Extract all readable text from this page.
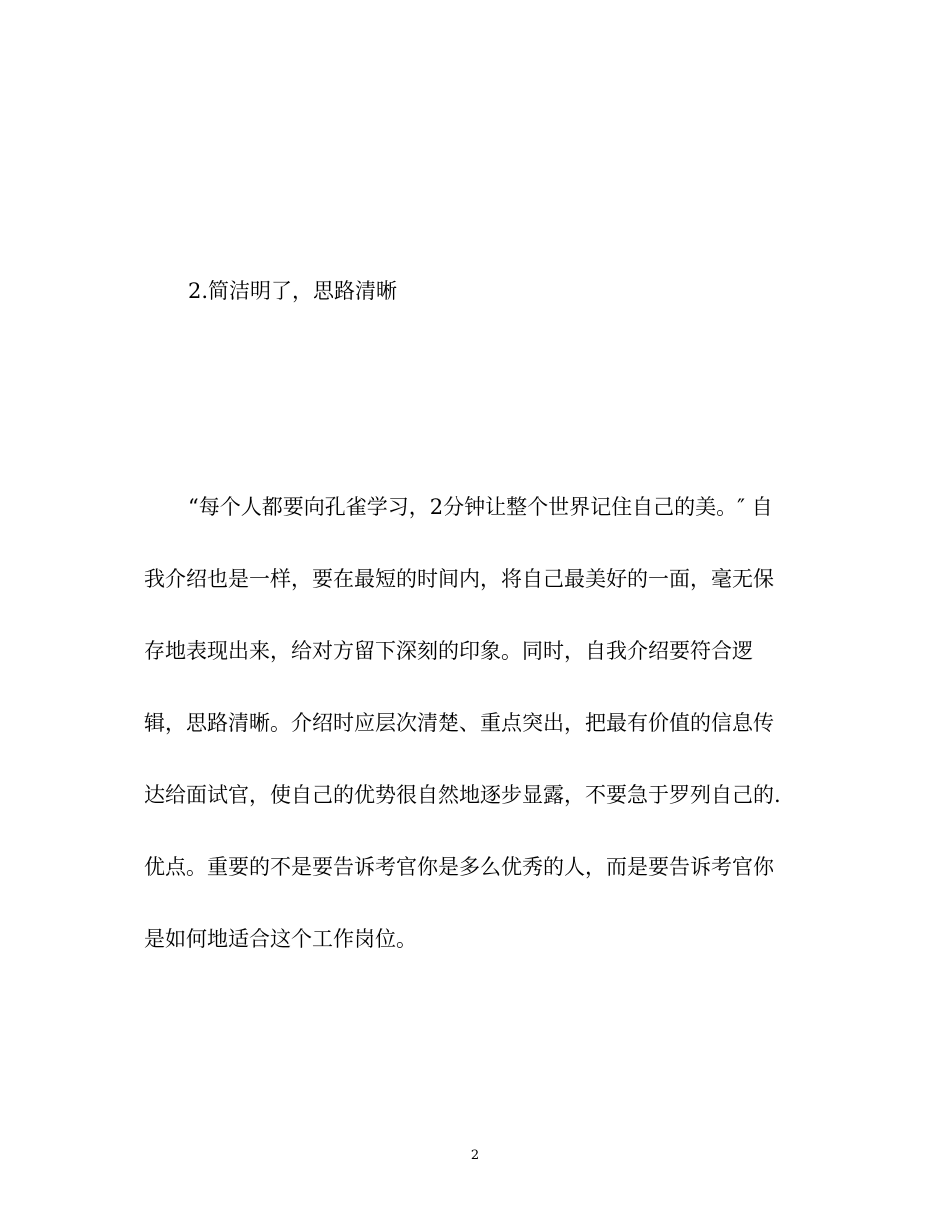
2.简洁明了，思路清晰
“每个人都要向孔雀学习，2分钟让整个世界记住自己的美。″ 自
我介绍也是一样，要在最短的时间内，将自己最美好的一面，毫无保
存地表现出来，给对方留下深刻的印象。同时，自我介绍要符合逻
辑，思路清晰。介绍时应层次清楚、重点突出，把最有价值的信息传
达给面试官，使自己的优势很自然地逐步显露，不要急于罗列自己的.
优点。重要的不是要告诉考官你是多么优秀的人，而是要告诉考官你
是如何地适合这个工作岗位。
2
